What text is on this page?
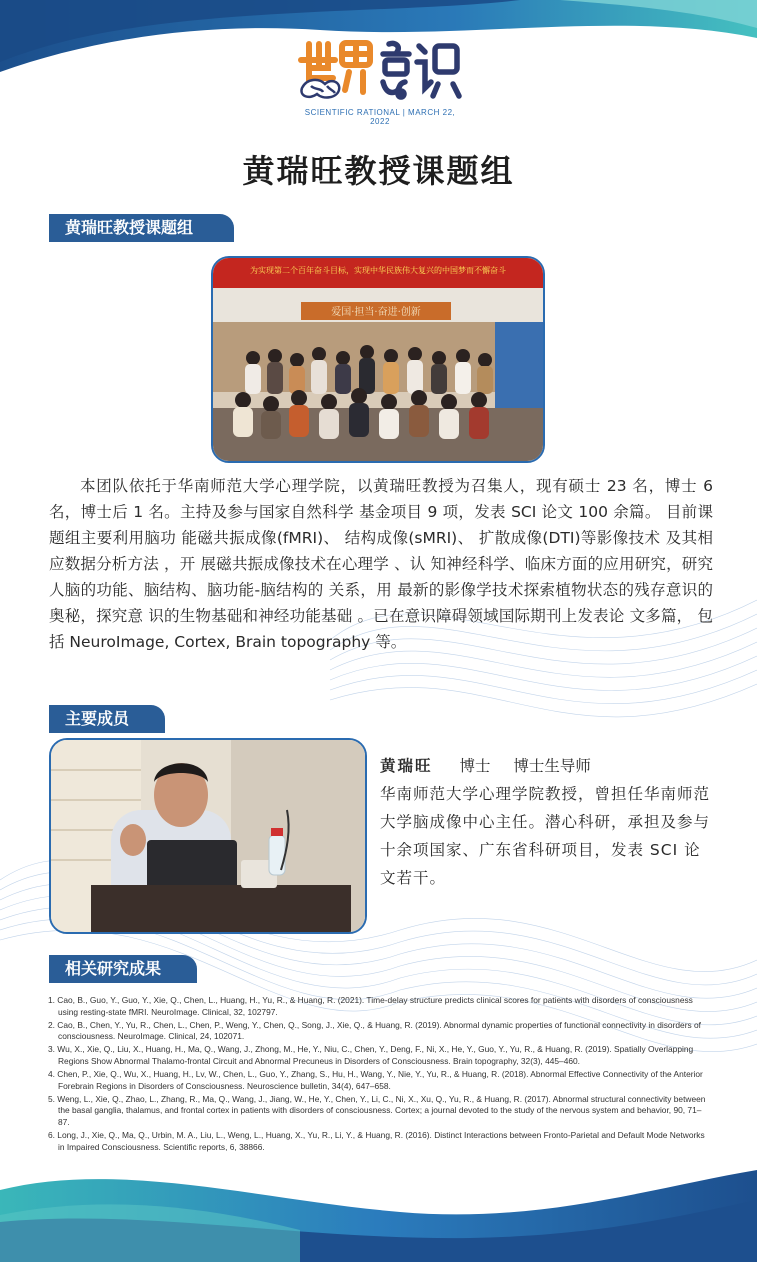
SCIENTIFIC RATIONAL | MARCH 22, 2022
黄瑞旺教授课题组
黄瑞旺教授课题组
为实现第二个百年奋斗目标，实现中华民族伟大复兴的中国梦而不懈奋斗
爱国·担当·奋进·创新
本团队依托于华南师范大学心理学院，以黄瑞旺教授为召集人，现有硕士 23 名，博士 6 名，博士后 1 名。主持及参与国家自然科学 基金项目 9 项，发表 SCI 论文 100 余篇。 目前课题组主要利用脑功 能磁共振成像(fMRI)、 结构成像(sMRI)、 扩散成像(DTI)等影像技术 及其相应数据分析方法 ，开 展磁共振成像技术在心理学 、认 知神经科学、临床方面的应用研究，研究人脑的功能、脑结构、脑功能-脑结构的 关系，用 最新的影像学技术探索植物状态的残存意识的奥秘，探究意 识的生物基础和神经功能基础 。已在意识障碍领域国际期刊上发表论 文多篇， 包括 NeuroImage, Cortex, Brain topography 等。
主要成员
黄瑞旺 博士 博士生导师
华南师范大学心理学院教授，曾担任华南师范大学脑成像中心主任。潜心科研，承担及参与十余项国家、广东省科研项目，发表 SCI 论文若干。
相关研究成果
1. Cao, B., Guo, Y., Guo, Y., Xie, Q., Chen, L., Huang, H., Yu, R., & Huang, R. (2021). Time-delay structure predicts clinical scores for patients with disorders of consciousness using resting-state fMRI. NeuroImage. Clinical, 32, 102797.
2. Cao, B., Chen, Y., Yu, R., Chen, L., Chen, P., Weng, Y., Chen, Q., Song, J., Xie, Q., & Huang, R. (2019). Abnormal dynamic properties of functional connectivity in disorders of consciousness. NeuroImage. Clinical, 24, 102071.
3. Wu, X., Xie, Q., Liu, X., Huang, H., Ma, Q., Wang, J., Zhong, M., He, Y., Niu, C., Chen, Y., Deng, F., Ni, X., He, Y., Guo, Y., Yu, R., & Huang, R. (2019). Spatially Overlapping Regions Show Abnormal Thalamo-frontal Circuit and Abnormal Precuneus in Disorders of Consciousness. Brain topography, 32(3), 445–460.
4. Chen, P., Xie, Q., Wu, X., Huang, H., Lv, W., Chen, L., Guo, Y., Zhang, S., Hu, H., Wang, Y., Nie, Y., Yu, R., & Huang, R. (2018). Abnormal Effective Connectivity of the Anterior Forebrain Regions in Disorders of Consciousness. Neuroscience bulletin, 34(4), 647–658.
5. Weng, L., Xie, Q., Zhao, L., Zhang, R., Ma, Q., Wang, J., Jiang, W., He, Y., Chen, Y., Li, C., Ni, X., Xu, Q., Yu, R., & Huang, R. (2017). Abnormal structural connectivity between the basal ganglia, thalamus, and frontal cortex in patients with disorders of consciousness. Cortex; a journal devoted to the study of the nervous system and behavior, 90, 71–87.
6. Long, J., Xie, Q., Ma, Q., Urbin, M. A., Liu, L., Weng, L., Huang, X., Yu, R., Li, Y., & Huang, R. (2016). Distinct Interactions between Fronto-Parietal and Default Mode Networks in Impaired Consciousness. Scientific reports, 6, 38866.
